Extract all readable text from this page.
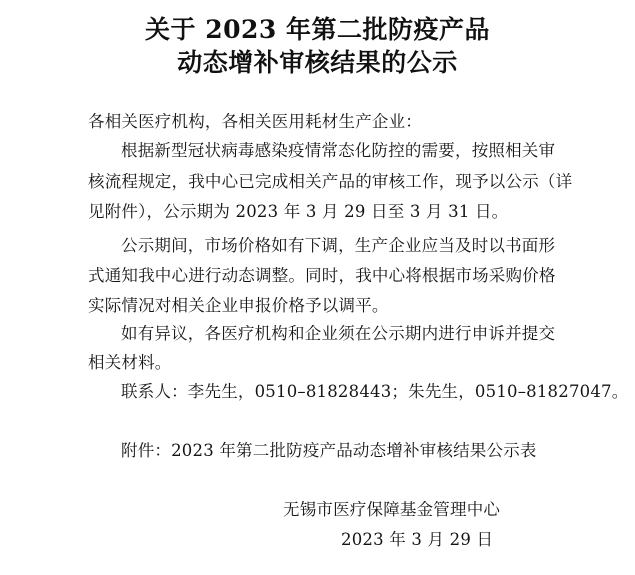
关于 2023 年第二批防疫产品
动态增补审核结果的公示
各相关医疗机构，各相关医用耗材生产企业：
根据新型冠状病毒感染疫情常态化防控的需要，按照相关审
核流程规定，我中心已完成相关产品的审核工作，现予以公示（详
见附件），公示期为 2023 年 3 月 29 日至 3 月 31 日。
公示期间，市场价格如有下调，生产企业应当及时以书面形
式通知我中心进行动态调整。同时，我中心将根据市场采购价格
实际情况对相关企业申报价格予以调平。
如有异议，各医疗机构和企业须在公示期内进行申诉并提交
相关材料。
联系人：李先生，0510–81828443；朱先生，0510–81827047。
附件：2023 年第二批防疫产品动态增补审核结果公示表
无锡市医疗保障基金管理中心
2023 年 3 月 29 日
